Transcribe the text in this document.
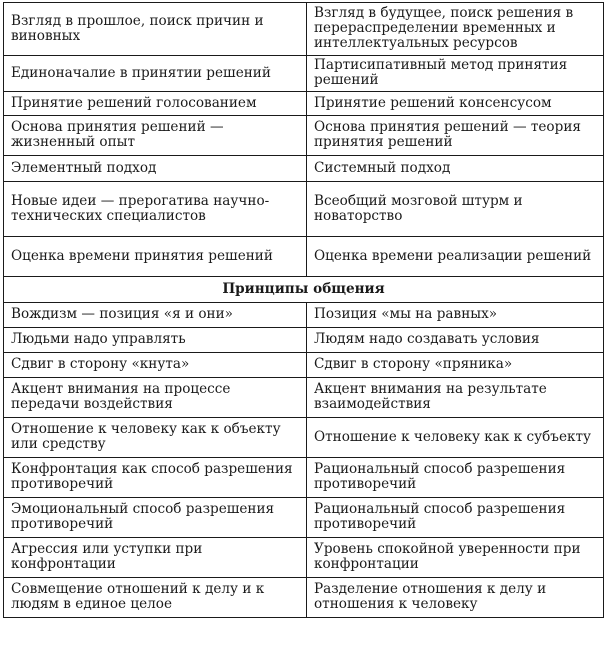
Взгляд в прошлое, поиск причин и виновных	Взгляд в будущее, поиск решения в перераспределении временных и интеллектуальных ресурсов
Единоначалие в принятии решений	Партисипативный метод принятия решений
Принятие решений голосованием	Принятие решений консенсусом
Основа принятия решений — жизненный опыт	Основа принятия решений — теория принятия решений
Элементный подход	Системный подход
Новые идеи — прерогатива научно-технических специалистов	Всеобщий мозговой штурм и новаторство
Оценка времени принятия решений	Оценка времени реализации решений
Принципы общения	
Вождизм — позиция «я и они»	Позиция «мы на равных»
Людьми надо управлять	Людям надо создавать условия
Сдвиг в сторону «кнута»	Сдвиг в сторону «пряника»
Акцент внимания на процессе передачи воздействия	Акцент внимания на результате взаимодействия
Отношение к человеку как к объекту или средству	Отношение к человеку как к субъекту
Конфронтация как способ разрешения противоречий	Рациональный способ разрешения противоречий
Эмоциональный способ разрешения противоречий	Рациональный способ разрешения противоречий
Агрессия или уступки при конфронтации	Уровень спокойной уверенности при конфронтации
Совмещение отношений к делу и к людям в единое целое	Разделение отношения к делу и отношения к человеку
